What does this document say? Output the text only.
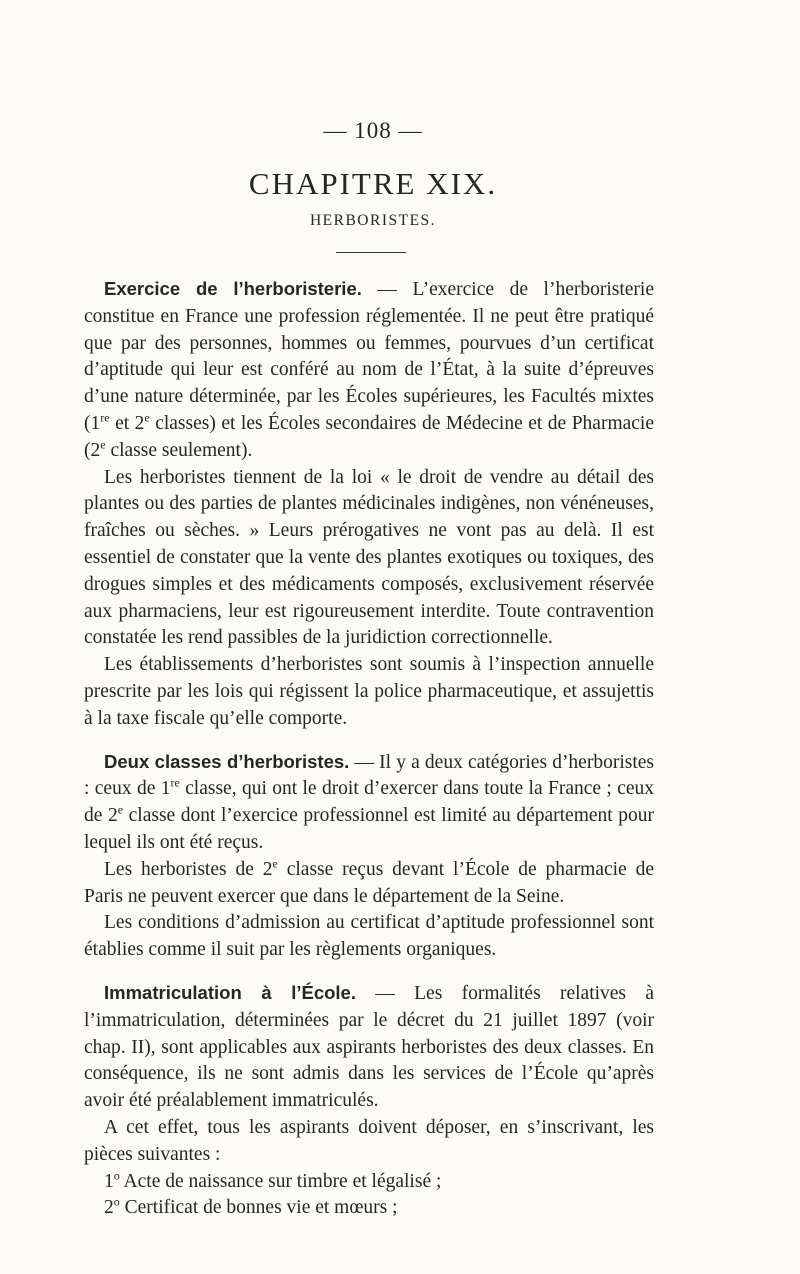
— 108 —
CHAPITRE XIX.
HERBORISTES.

Exercice de l’herboristerie. — L’exercice de l’herboristerie constitue en France une profession réglementée. Il ne peut être pratiqué que par des personnes, hommes ou femmes, pourvues d’un certificat d’aptitude qui leur est conféré au nom de l’État, à la suite d’épreuves d’une nature déterminée, par les Écoles supérieures, les Facultés mixtes (1re et 2e classes) et les Écoles secondaires de Médecine et de Pharmacie (2e classe seulement).

Les herboristes tiennent de la loi « le droit de vendre au détail des plantes ou des parties de plantes médicinales indigènes, non vénéneuses, fraîches ou sèches. » Leurs prérogatives ne vont pas au delà. Il est essentiel de constater que la vente des plantes exotiques ou toxiques, des drogues simples et des médicaments composés, exclusivement réservée aux pharmaciens, leur est rigoureusement interdite. Toute contravention constatée les rend passibles de la juridiction correctionnelle.

Les établissements d’herboristes sont soumis à l’inspection annuelle prescrite par les lois qui régissent la police pharmaceutique, et assujettis à la taxe fiscale qu’elle comporte.

Deux classes d’herboristes. — Il y a deux catégories d’herboristes : ceux de 1re classe, qui ont le droit d’exercer dans toute la France ; ceux de 2e classe dont l’exercice professionnel est limité au département pour lequel ils ont été reçus.

Les herboristes de 2e classe reçus devant l’École de pharmacie de Paris ne peuvent exercer que dans le département de la Seine.

Les conditions d’admission au certificat d’aptitude professionnel sont établies comme il suit par les règlements organiques.

Immatriculation à l’École. — Les formalités relatives à l’immatriculation, déterminées par le décret du 21 juillet 1897 (voir chap. II), sont applicables aux aspirants herboristes des deux classes. En conséquence, ils ne sont admis dans les services de l’École qu’après avoir été préalablement immatriculés.

A cet effet, tous les aspirants doivent déposer, en s’inscrivant, les pièces suivantes :

1$^o$ Acte de naissance sur timbre et légalisé ;

2$^o$ Certificat de bonnes vie et mœurs ;
